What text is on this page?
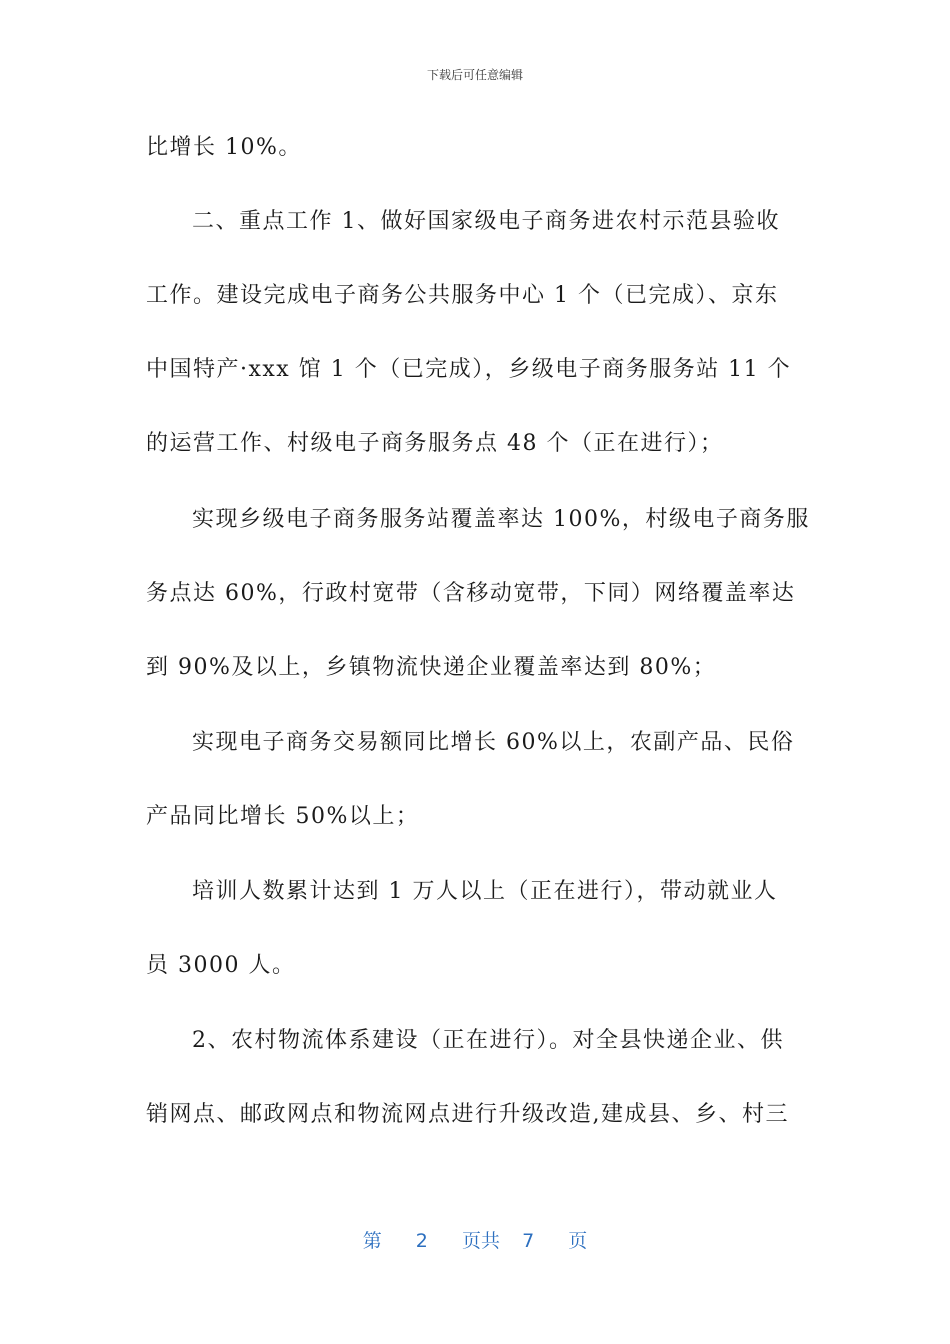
下载后可任意编辑
比增长 10%。
二、重点工作 1、做好国家级电子商务进农村示范县验收
工作。建设完成电子商务公共服务中心 1 个（已完成）、京东
中国特产·xxx 馆 1 个（已完成），乡级电子商务服务站 11 个
的运营工作、村级电子商务服务点 48 个（正在进行）；
实现乡级电子商务服务站覆盖率达 100%，村级电子商务服
务点达 60%，行政村宽带（含移动宽带，下同）网络覆盖率达
到 90%及以上，乡镇物流快递企业覆盖率达到 80%；
实现电子商务交易额同比增长 60%以上，农副产品、民俗
产品同比增长 50%以上；
培训人数累计达到 1 万人以上（正在进行），带动就业人
员 3000 人。
2、农村物流体系建设（正在进行）。对全县快递企业、供
销网点、邮政网点和物流网点进行升级改造,建成县、乡、村三
第 2 页共 7 页
